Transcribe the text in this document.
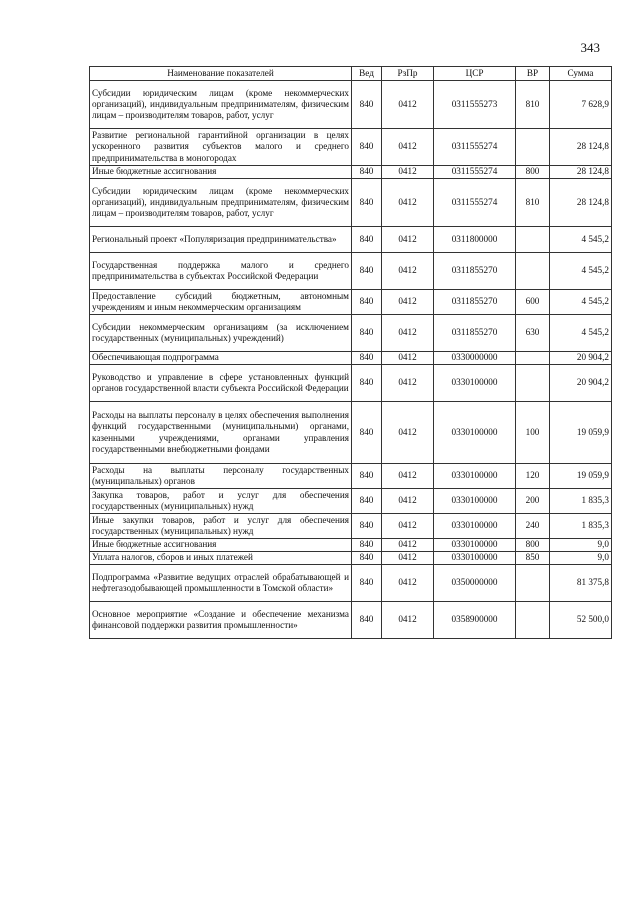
343
Наименование показателей	Вед	РзПр	ЦСР	ВР	Сумма
Субсидии юридическим лицам (кроме некоммерческих организаций), индивидуальным предпринимателям, физическим лицам – производителям товаров, работ, услуг	840	0412	0311555273	810	7 628,9
Развитие региональной гарантийной организации в целях ускоренного развития субъектов малого и среднего предпринимательства в моногородах	840	0412	0311555274		28 124,8
Иные бюджетные ассигнования	840	0412	0311555274	800	28 124,8
Субсидии юридическим лицам (кроме некоммерческих организаций), индивидуальным предпринимателям, физическим лицам – производителям товаров, работ, услуг	840	0412	0311555274	810	28 124,8
Региональный проект «Популяризация предпринимательства»	840	0412	0311800000		4 545,2
Государственная поддержка малого и среднего предпринимательства в субъектах Российской Федерации	840	0412	0311855270		4 545,2
Предоставление субсидий бюджетным, автономным учреждениям и иным некоммерческим организациям	840	0412	0311855270	600	4 545,2
Субсидии некоммерческим организациям (за исключением государственных (муниципальных) учреждений)	840	0412	0311855270	630	4 545,2
Обеспечивающая подпрограмма	840	0412	0330000000		20 904,2
Руководство и управление в сфере установленных функций органов государственной власти субъекта Российской Федерации	840	0412	0330100000		20 904,2
Расходы на выплаты персоналу в целях обеспечения выполнения функций государственными (муниципальными) органами, казенными учреждениями, органами управления государственными внебюджетными фондами	840	0412	0330100000	100	19 059,9
Расходы на выплаты персоналу государственных (муниципальных) органов	840	0412	0330100000	120	19 059,9
Закупка товаров, работ и услуг для обеспечения государственных (муниципальных) нужд	840	0412	0330100000	200	1 835,3
Иные закупки товаров, работ и услуг для обеспечения государственных (муниципальных) нужд	840	0412	0330100000	240	1 835,3
Иные бюджетные ассигнования	840	0412	0330100000	800	9,0
Уплата налогов, сборов и иных платежей	840	0412	0330100000	850	9,0
Подпрограмма «Развитие ведущих отраслей обрабатывающей и нефтегазодобывающей промышленности в Томской области»	840	0412	0350000000		81 375,8
Основное мероприятие «Создание и обеспечение механизма финансовой поддержки развития промышленности»	840	0412	0358900000		52 500,0
